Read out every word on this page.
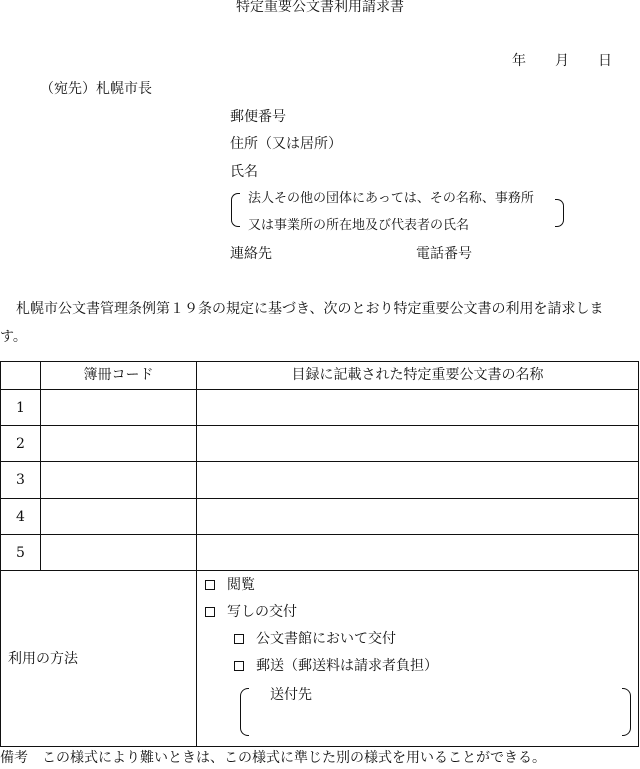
特定重要公文書利用請求書
年 月 日
（宛先）札幌市長
郵便番号
住所（又は居所）
氏名
法人その他の団体にあっては、その名称、事務所
又は事業所の所在地及び代表者の氏名
連絡先	電話番号
札幌市公文書管理条例第１９条の規定に基づき、次のとおり特定重要公文書の利用を請求しま
す。
簿冊コード	目録に記載された特定重要公文書の名称
1
2
3
4
5
利用の方法
閲覧
写しの交付
公文書館において交付
郵送（郵送料は請求者負担）
送付先
備考　この様式により難いときは、この様式に準じた別の様式を用いることができる。
